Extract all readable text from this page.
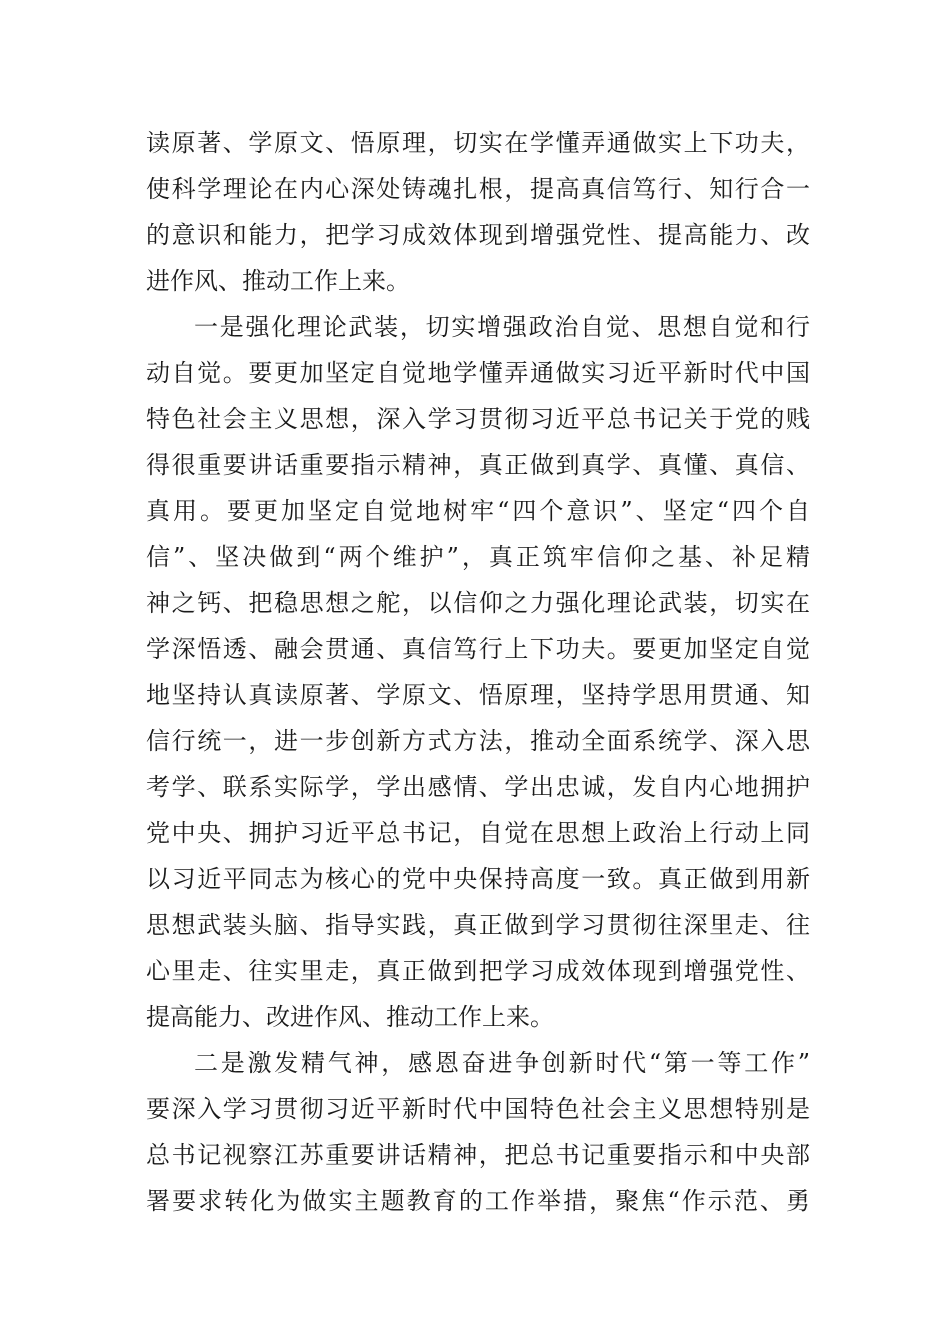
读原著、学原文、悟原理，切实在学懂弄通做实上下功夫，
使科学理论在内心深处铸魂扎根，提高真信笃行、知行合一
的意识和能力，把学习成效体现到增强党性、提高能力、改
进作风、推动工作上来。
一是强化理论武装，切实增强政治自觉、思想自觉和行
动自觉。要更加坚定自觉地学懂弄通做实习近平新时代中国
特色社会主义思想，深入学习贯彻习近平总书记关于党的贱
得很重要讲话重要指示精神，真正做到真学、真懂、真信、
真用。要更加坚定自觉地树牢“四个意识”、坚定“四个自
信”、坚决做到“两个维护”，真正筑牢信仰之基、补足精
神之钙、把稳思想之舵，以信仰之力强化理论武装，切实在
学深悟透、融会贯通、真信笃行上下功夫。要更加坚定自觉
地坚持认真读原著、学原文、悟原理，坚持学思用贯通、知
信行统一，进一步创新方式方法，推动全面系统学、深入思
考学、联系实际学，学出感情、学出忠诚，发自内心地拥护
党中央、拥护习近平总书记，自觉在思想上政治上行动上同
以习近平同志为核心的党中央保持高度一致。真正做到用新
思想武装头脑、指导实践，真正做到学习贯彻往深里走、往
心里走、往实里走，真正做到把学习成效体现到增强党性、
提高能力、改进作风、推动工作上来。
二是激发精气神，感恩奋进争创新时代“第一等工作”
要深入学习贯彻习近平新时代中国特色社会主义思想特别是
总书记视察江苏重要讲话精神，把总书记重要指示和中央部
署要求转化为做实主题教育的工作举措，聚焦“作示范、勇
